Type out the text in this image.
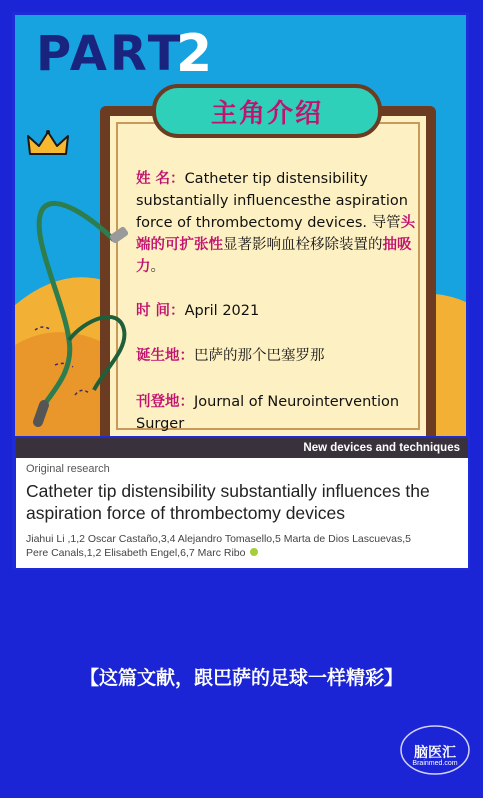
PART
2
主角介绍
姓 名：Catheter tip distensibility substantially influencesthe aspiration force of thrombectomy devices. 导管头端的可扩张性显著影响血栓移除装置的抽吸力。
时 间：April 2021
诞生地：巴萨的那个巴塞罗那
刊登地：Journal of Neurointervention Surger
New devices and techniques
Original research
Catheter tip distensibility substantially influences the aspiration force of thrombectomy devices
Jiahui Li ,1,2 Oscar Castaño,3,4 Alejandro Tomasello,5 Marta de Dios Lascuevas,5
Pere Canals,1,2 Elisabeth Engel,6,7 Marc Ribo
【这篇文献，跟巴萨的足球一样精彩】
脑医汇
Brainmed.com
